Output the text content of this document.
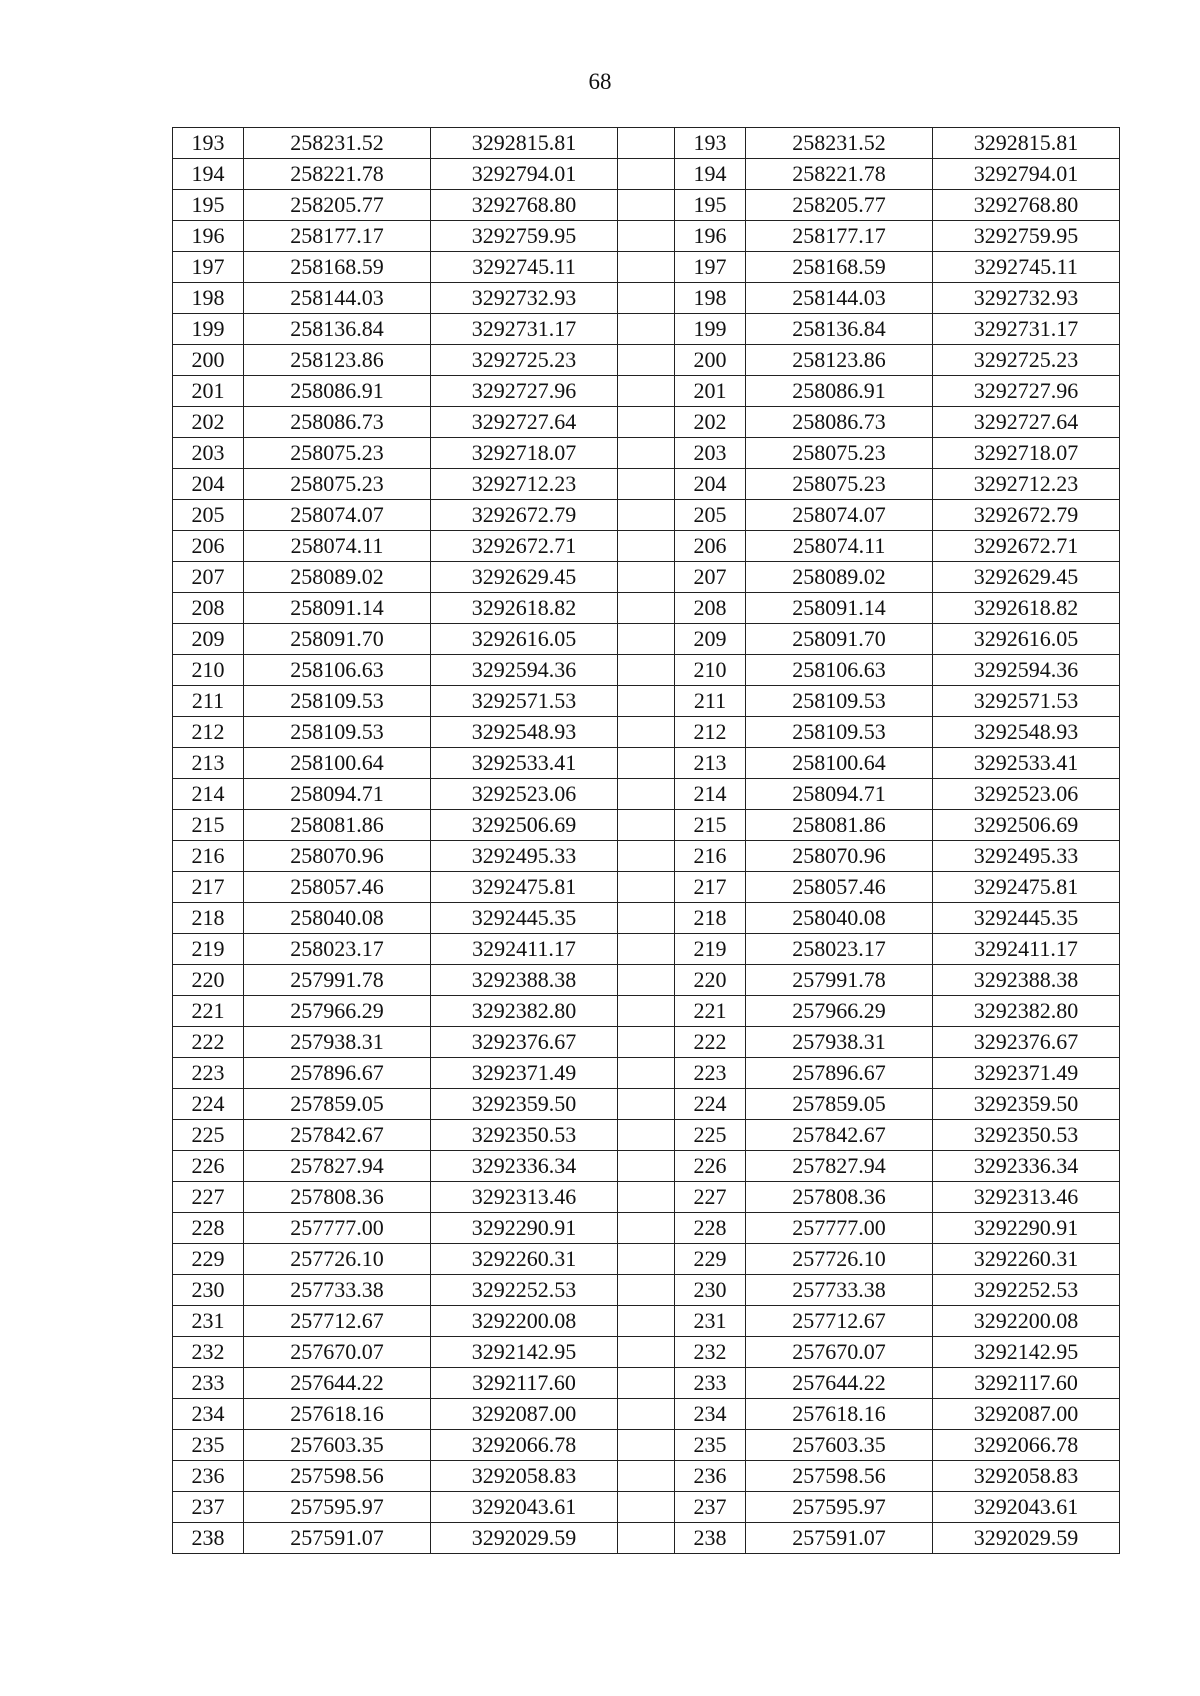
68
193	258231.52	3292815.81		193	258231.52	3292815.81
194	258221.78	3292794.01		194	258221.78	3292794.01
195	258205.77	3292768.80		195	258205.77	3292768.80
196	258177.17	3292759.95		196	258177.17	3292759.95
197	258168.59	3292745.11		197	258168.59	3292745.11
198	258144.03	3292732.93		198	258144.03	3292732.93
199	258136.84	3292731.17		199	258136.84	3292731.17
200	258123.86	3292725.23		200	258123.86	3292725.23
201	258086.91	3292727.96		201	258086.91	3292727.96
202	258086.73	3292727.64		202	258086.73	3292727.64
203	258075.23	3292718.07		203	258075.23	3292718.07
204	258075.23	3292712.23		204	258075.23	3292712.23
205	258074.07	3292672.79		205	258074.07	3292672.79
206	258074.11	3292672.71		206	258074.11	3292672.71
207	258089.02	3292629.45		207	258089.02	3292629.45
208	258091.14	3292618.82		208	258091.14	3292618.82
209	258091.70	3292616.05		209	258091.70	3292616.05
210	258106.63	3292594.36		210	258106.63	3292594.36
211	258109.53	3292571.53		211	258109.53	3292571.53
212	258109.53	3292548.93		212	258109.53	3292548.93
213	258100.64	3292533.41		213	258100.64	3292533.41
214	258094.71	3292523.06		214	258094.71	3292523.06
215	258081.86	3292506.69		215	258081.86	3292506.69
216	258070.96	3292495.33		216	258070.96	3292495.33
217	258057.46	3292475.81		217	258057.46	3292475.81
218	258040.08	3292445.35		218	258040.08	3292445.35
219	258023.17	3292411.17		219	258023.17	3292411.17
220	257991.78	3292388.38		220	257991.78	3292388.38
221	257966.29	3292382.80		221	257966.29	3292382.80
222	257938.31	3292376.67		222	257938.31	3292376.67
223	257896.67	3292371.49		223	257896.67	3292371.49
224	257859.05	3292359.50		224	257859.05	3292359.50
225	257842.67	3292350.53		225	257842.67	3292350.53
226	257827.94	3292336.34		226	257827.94	3292336.34
227	257808.36	3292313.46		227	257808.36	3292313.46
228	257777.00	3292290.91		228	257777.00	3292290.91
229	257726.10	3292260.31		229	257726.10	3292260.31
230	257733.38	3292252.53		230	257733.38	3292252.53
231	257712.67	3292200.08		231	257712.67	3292200.08
232	257670.07	3292142.95		232	257670.07	3292142.95
233	257644.22	3292117.60		233	257644.22	3292117.60
234	257618.16	3292087.00		234	257618.16	3292087.00
235	257603.35	3292066.78		235	257603.35	3292066.78
236	257598.56	3292058.83		236	257598.56	3292058.83
237	257595.97	3292043.61		237	257595.97	3292043.61
238	257591.07	3292029.59		238	257591.07	3292029.59
